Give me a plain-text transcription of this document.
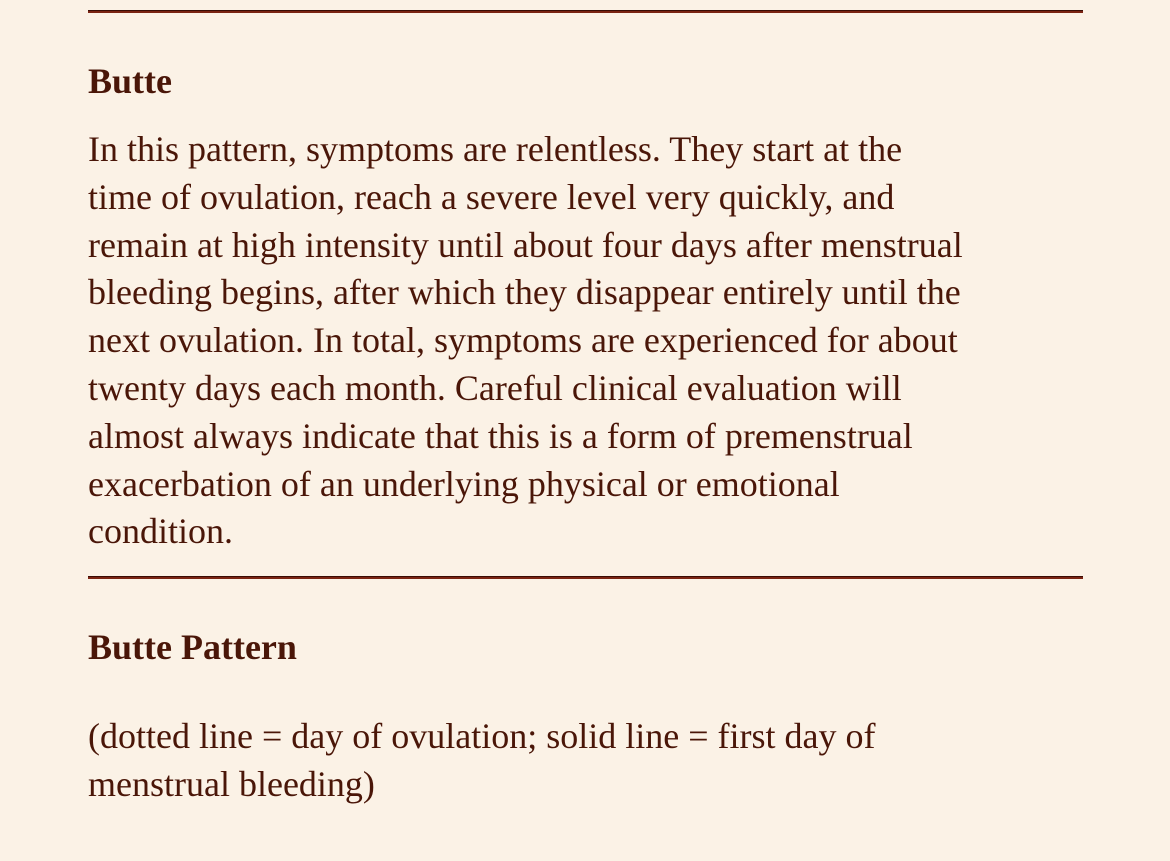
Butte

In this pattern, symptoms are relentless. They start at the
time of ovulation, reach a severe level very quickly, and
remain at high intensity until about four days after menstrual
bleeding begins, after which they disappear entirely until the
next ovulation. In total, symptoms are experienced for about
twenty days each month. Careful clinical evaluation will
almost always indicate that this is a form of premenstrual
exacerbation of an underlying physical or emotional
condition.

Butte Pattern

(dotted line = day of ovulation; solid line = first day of
menstrual bleeding)
